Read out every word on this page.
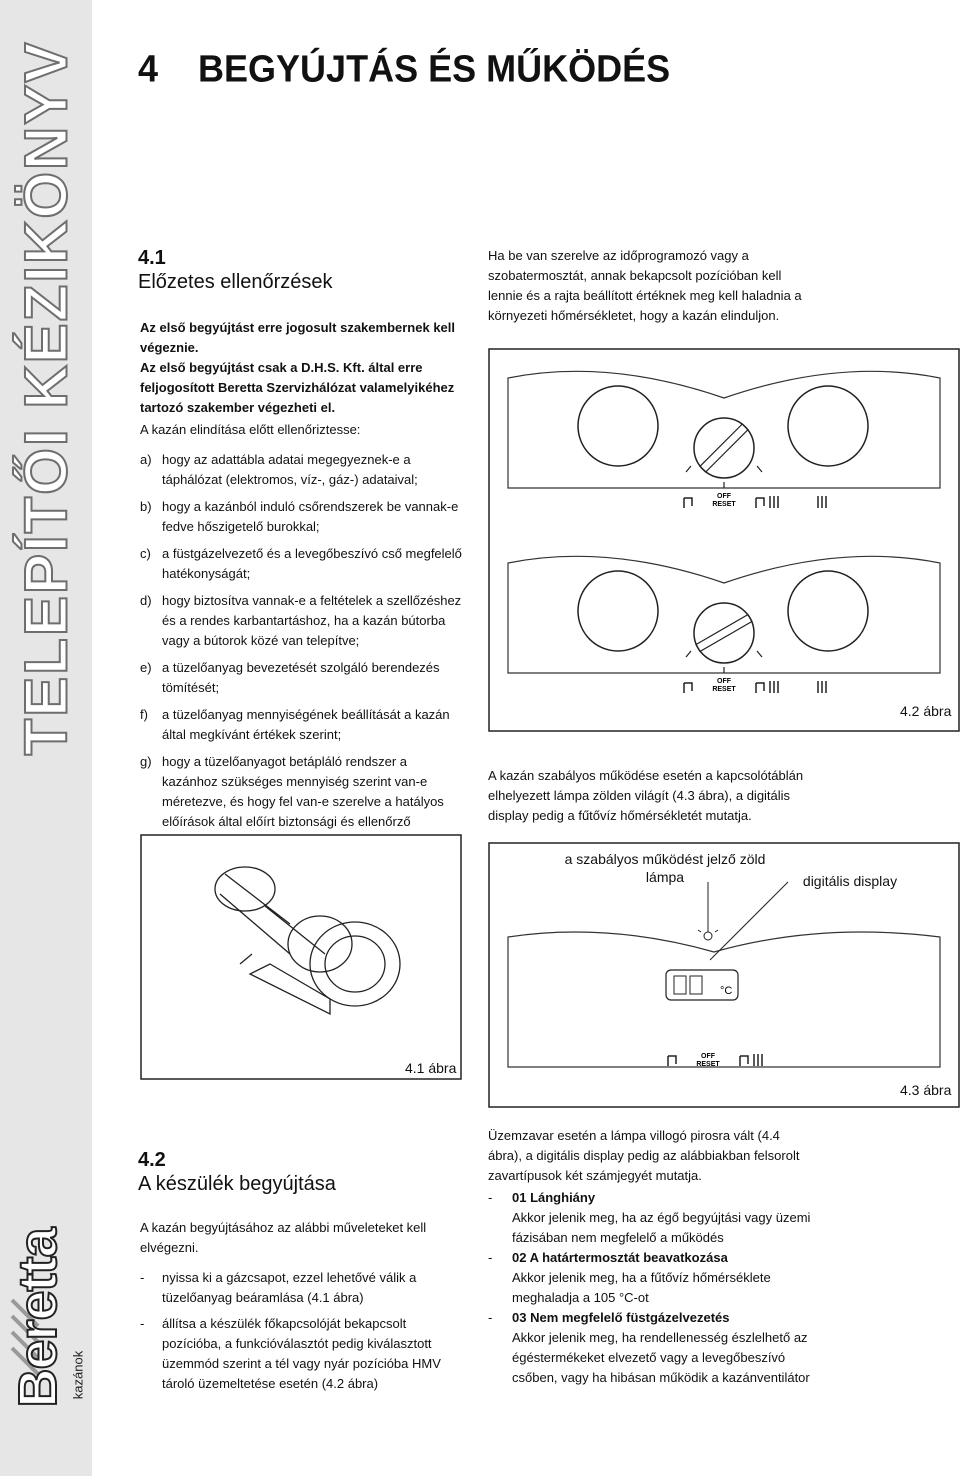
TELEPÍTŐI KÉZIKÖNYV
Beretta kazánok
4 BEGYÚJTÁS ÉS MŰKÖDÉS
4.1
Előzetes ellenőrzések

Az első begyújtást erre jogosult szakembernek kell végeznie.

Az első begyújtást csak a D.H.S. Kft. által erre feljogosított Beretta Szervizhálózat valamelyikéhez tartozó szakember végezheti el.

A kazán elindítása előtt ellenőriztesse:

a) hogy az adattábla adatai megegyeznek-e a táphálózat (elektromos, víz-, gáz-) adataival;
b) hogy a kazánból induló csőrendszerek be vannak-e fedve hőszigetelő burokkal;
c) a füstgázelvezető és a levegőbeszívó cső megfelelő hatékonyságát;
d) hogy biztosítva vannak-e a feltételek a szellőzéshez és a rendes karbantartáshoz, ha a kazán bútorba vagy a bútorok közé van telepítve;
e) a tüzelőanyag bevezetését szolgáló berendezés tömítését;
f)	a tüzelőanyag mennyiségének beállítását a kazán által megkívánt értékek szerint;
g) hogy a tüzelőanyagot betápláló rendszer a kazánhoz szükséges mennyiség szerint van-e méretezve, és hogy fel van-e szerelve a hatályos előírások által előírt biztonsági és ellenőrző

Ha be van szerelve az időprogramozó vagy a szobatermosztát, annak bekapcsolt pozícióban kell lennie és a rajta beállított értéknek meg kell haladnia a környezeti hőmérsékletet, hogy a kazán elinduljon.

OFF
RESET
OFF
RESET
4.2 ábra

A kazán szabályos működése esetén a kapcsolótáblán elhelyezett lámpa zölden világít (4.3 ábra), a digitális display pedig a fűtővíz hőmérsékletét mutatja.

4.1 ábra
°C
OFF
RESET
a szabályos működést jelző zöld lámpa	digitális display
4.3 ábra
4.2
A készülék begyújtása

A kazán begyújtásához az alábbi műveleteket kell elvégezni.

-	nyissa ki a gázcsapot, ezzel lehetővé válik a tüzelőanyag beáramlása (4.1 ábra)
-	állítsa a készülék főkapcsolóját bekapcsolt pozícióba, a funkcióválasztót pedig kiválasztott üzemmód szerint a tél vagy nyár pozícióba HMV tároló üzemeltetése esetén (4.2 ábra)

Üzemzavar esetén a lámpa villogó pirosra vált (4.4 ábra), a digitális display pedig az alábbiakban felsorolt zavartípusok két számjegyét mutatja.

-	01 Lánghiány
Akkor jelenik meg, ha az égő begyújtási vagy üzemi fázisában nem megfelelő a működés
-	02 A határtermosztát beavatkozása
Akkor jelenik meg, ha a fűtővíz hőmérséklete meghaladja a 105 °C-ot
-	03 Nem megfelelő füstgázelvezetés
Akkor jelenik meg, ha rendellenesség észlelhető az égéstermékeket elvezető vagy a levegőbeszívó csőben, vagy ha hibásan működik a kazánventilátor
